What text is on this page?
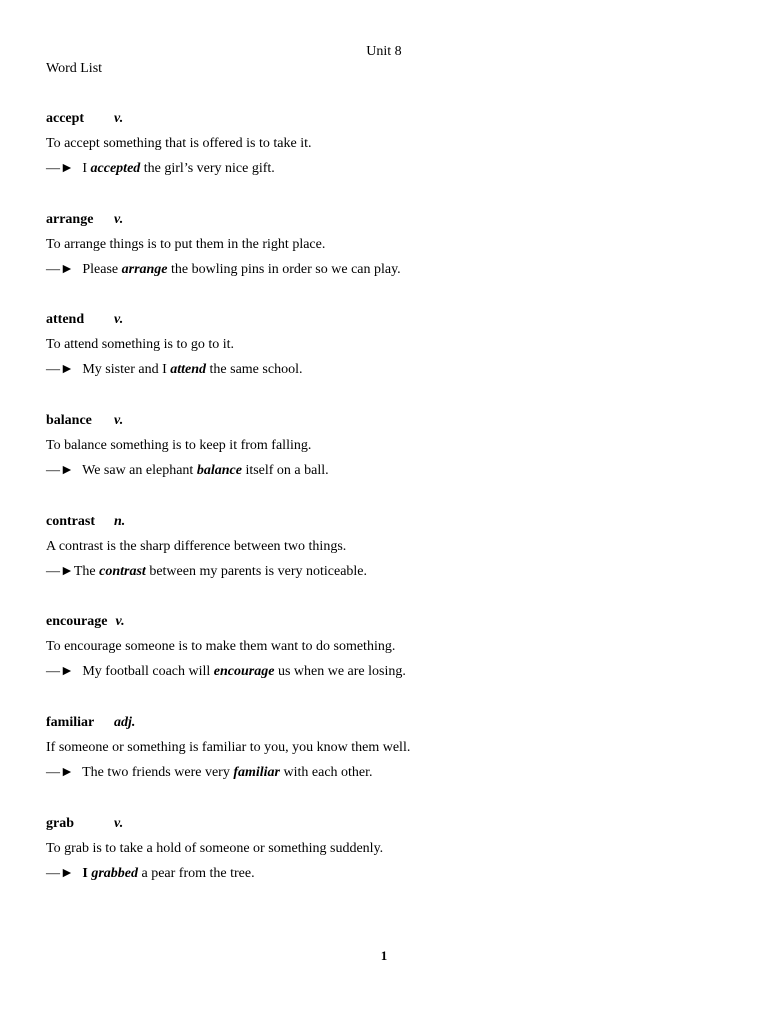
Unit 8
Word List
accept v.
To accept something that is offered is to take it.
—► I accepted the girl’s very nice gift.
arrange v.
To arrange things is to put them in the right place.
—► Please arrange the bowling pins in order so we can play.
attend v.
To attend something is to go to it.
—► My sister and I attend the same school.
balance v.
To balance something is to keep it from falling.
—► We saw an elephant balance itself on a ball.
contrast n.
A contrast is the sharp difference between two things.
—►The contrast between my parents is very noticeable.
encourage v.
To encourage someone is to make them want to do something.
—► My football coach will encourage us when we are losing.
familiar adj.
If someone or something is familiar to you, you know them well.
—► The two friends were very familiar with each other.
grab	v.
To grab is to take a hold of someone or something suddenly.
—► I grabbed a pear from the tree.
1
